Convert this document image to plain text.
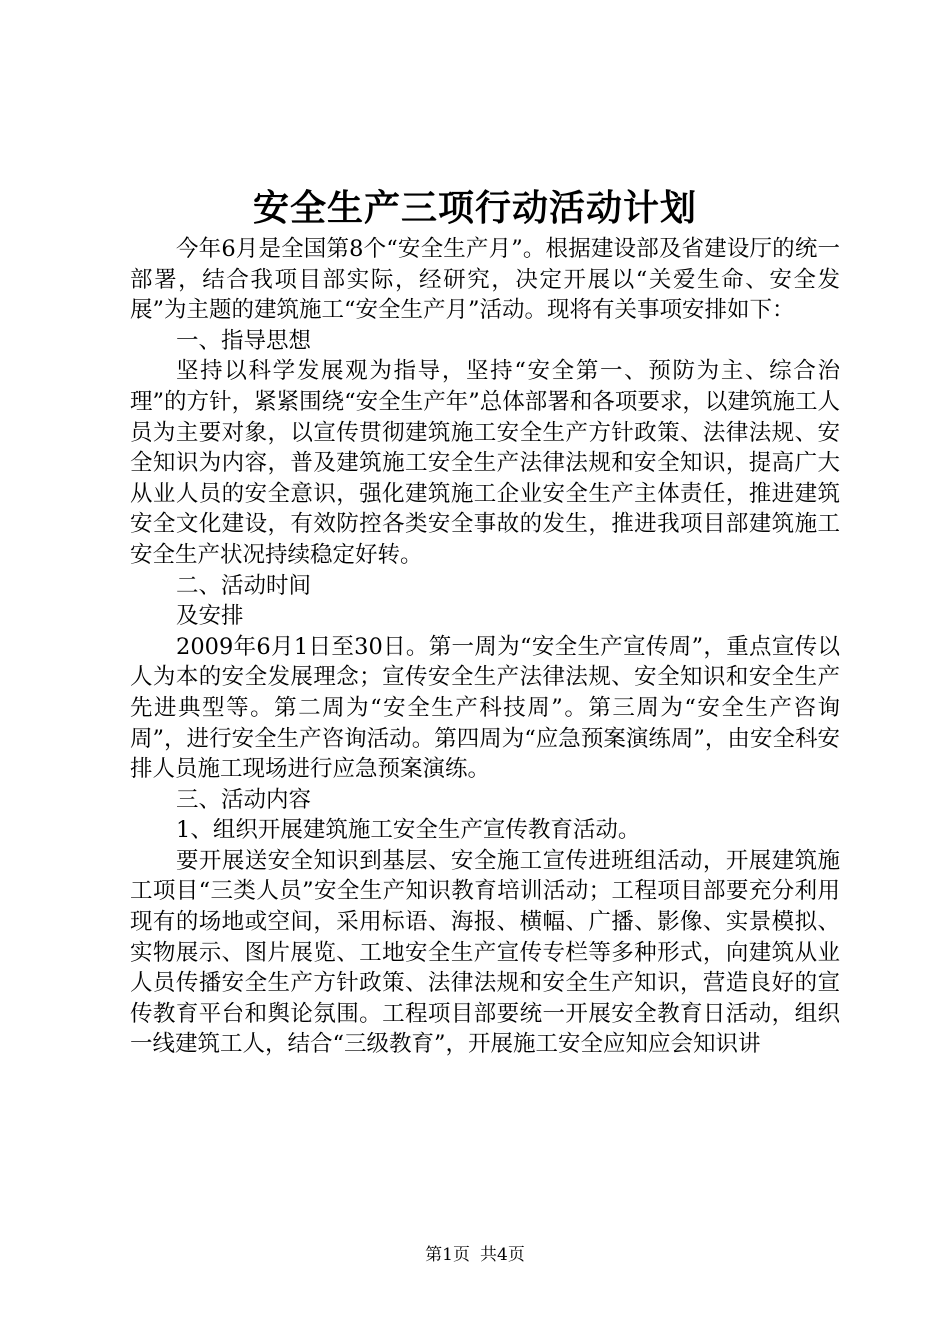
安全生产三项行动活动计划

今年6月是全国第8个“安全生产月”。根据建设部及省建设厅的统一部署，结合我项目部实际，经研究，决定开展以“关爱生命、安全发展”为主题的建筑施工“安全生产月”活动。现将有关事项安排如下：

一、指导思想

坚持以科学发展观为指导，坚持“安全第一、预防为主、综合治理”的方针，紧紧围绕“安全生产年”总体部署和各项要求，以建筑施工人员为主要对象，以宣传贯彻建筑施工安全生产方针政策、法律法规、安全知识为内容，普及建筑施工安全生产法律法规和安全知识，提高广大从业人员的安全意识，强化建筑施工企业安全生产主体责任，推进建筑安全文化建设，有效防控各类安全事故的发生，推进我项目部建筑施工安全生产状况持续稳定好转。

二、活动时间

及安排

2009年6月1日至30日。第一周为“安全生产宣传周”，重点宣传以人为本的安全发展理念；宣传安全生产法律法规、安全知识和安全生产先进典型等。第二周为“安全生产科技周”。第三周为“安全生产咨询周”，进行安全生产咨询活动。第四周为“应急预案演练周”，由安全科安排人员施工现场进行应急预案演练。

三、活动内容

1、组织开展建筑施工安全生产宣传教育活动。

要开展送安全知识到基层、安全施工宣传进班组活动，开展建筑施工项目“三类人员”安全生产知识教育培训活动；工程项目部要充分利用现有的场地或空间，采用标语、海报、横幅、广播、影像、实景模拟、实物展示、图片展览、工地安全生产宣传专栏等多种形式，向建筑从业人员传播安全生产方针政策、法律法规和安全生产知识，营造良好的宣传教育平台和舆论氛围。工程项目部要统一开展安全教育日活动，组织一线建筑工人，结合“三级教育”，开展施工安全应知应会知识讲

第1页 共4页
